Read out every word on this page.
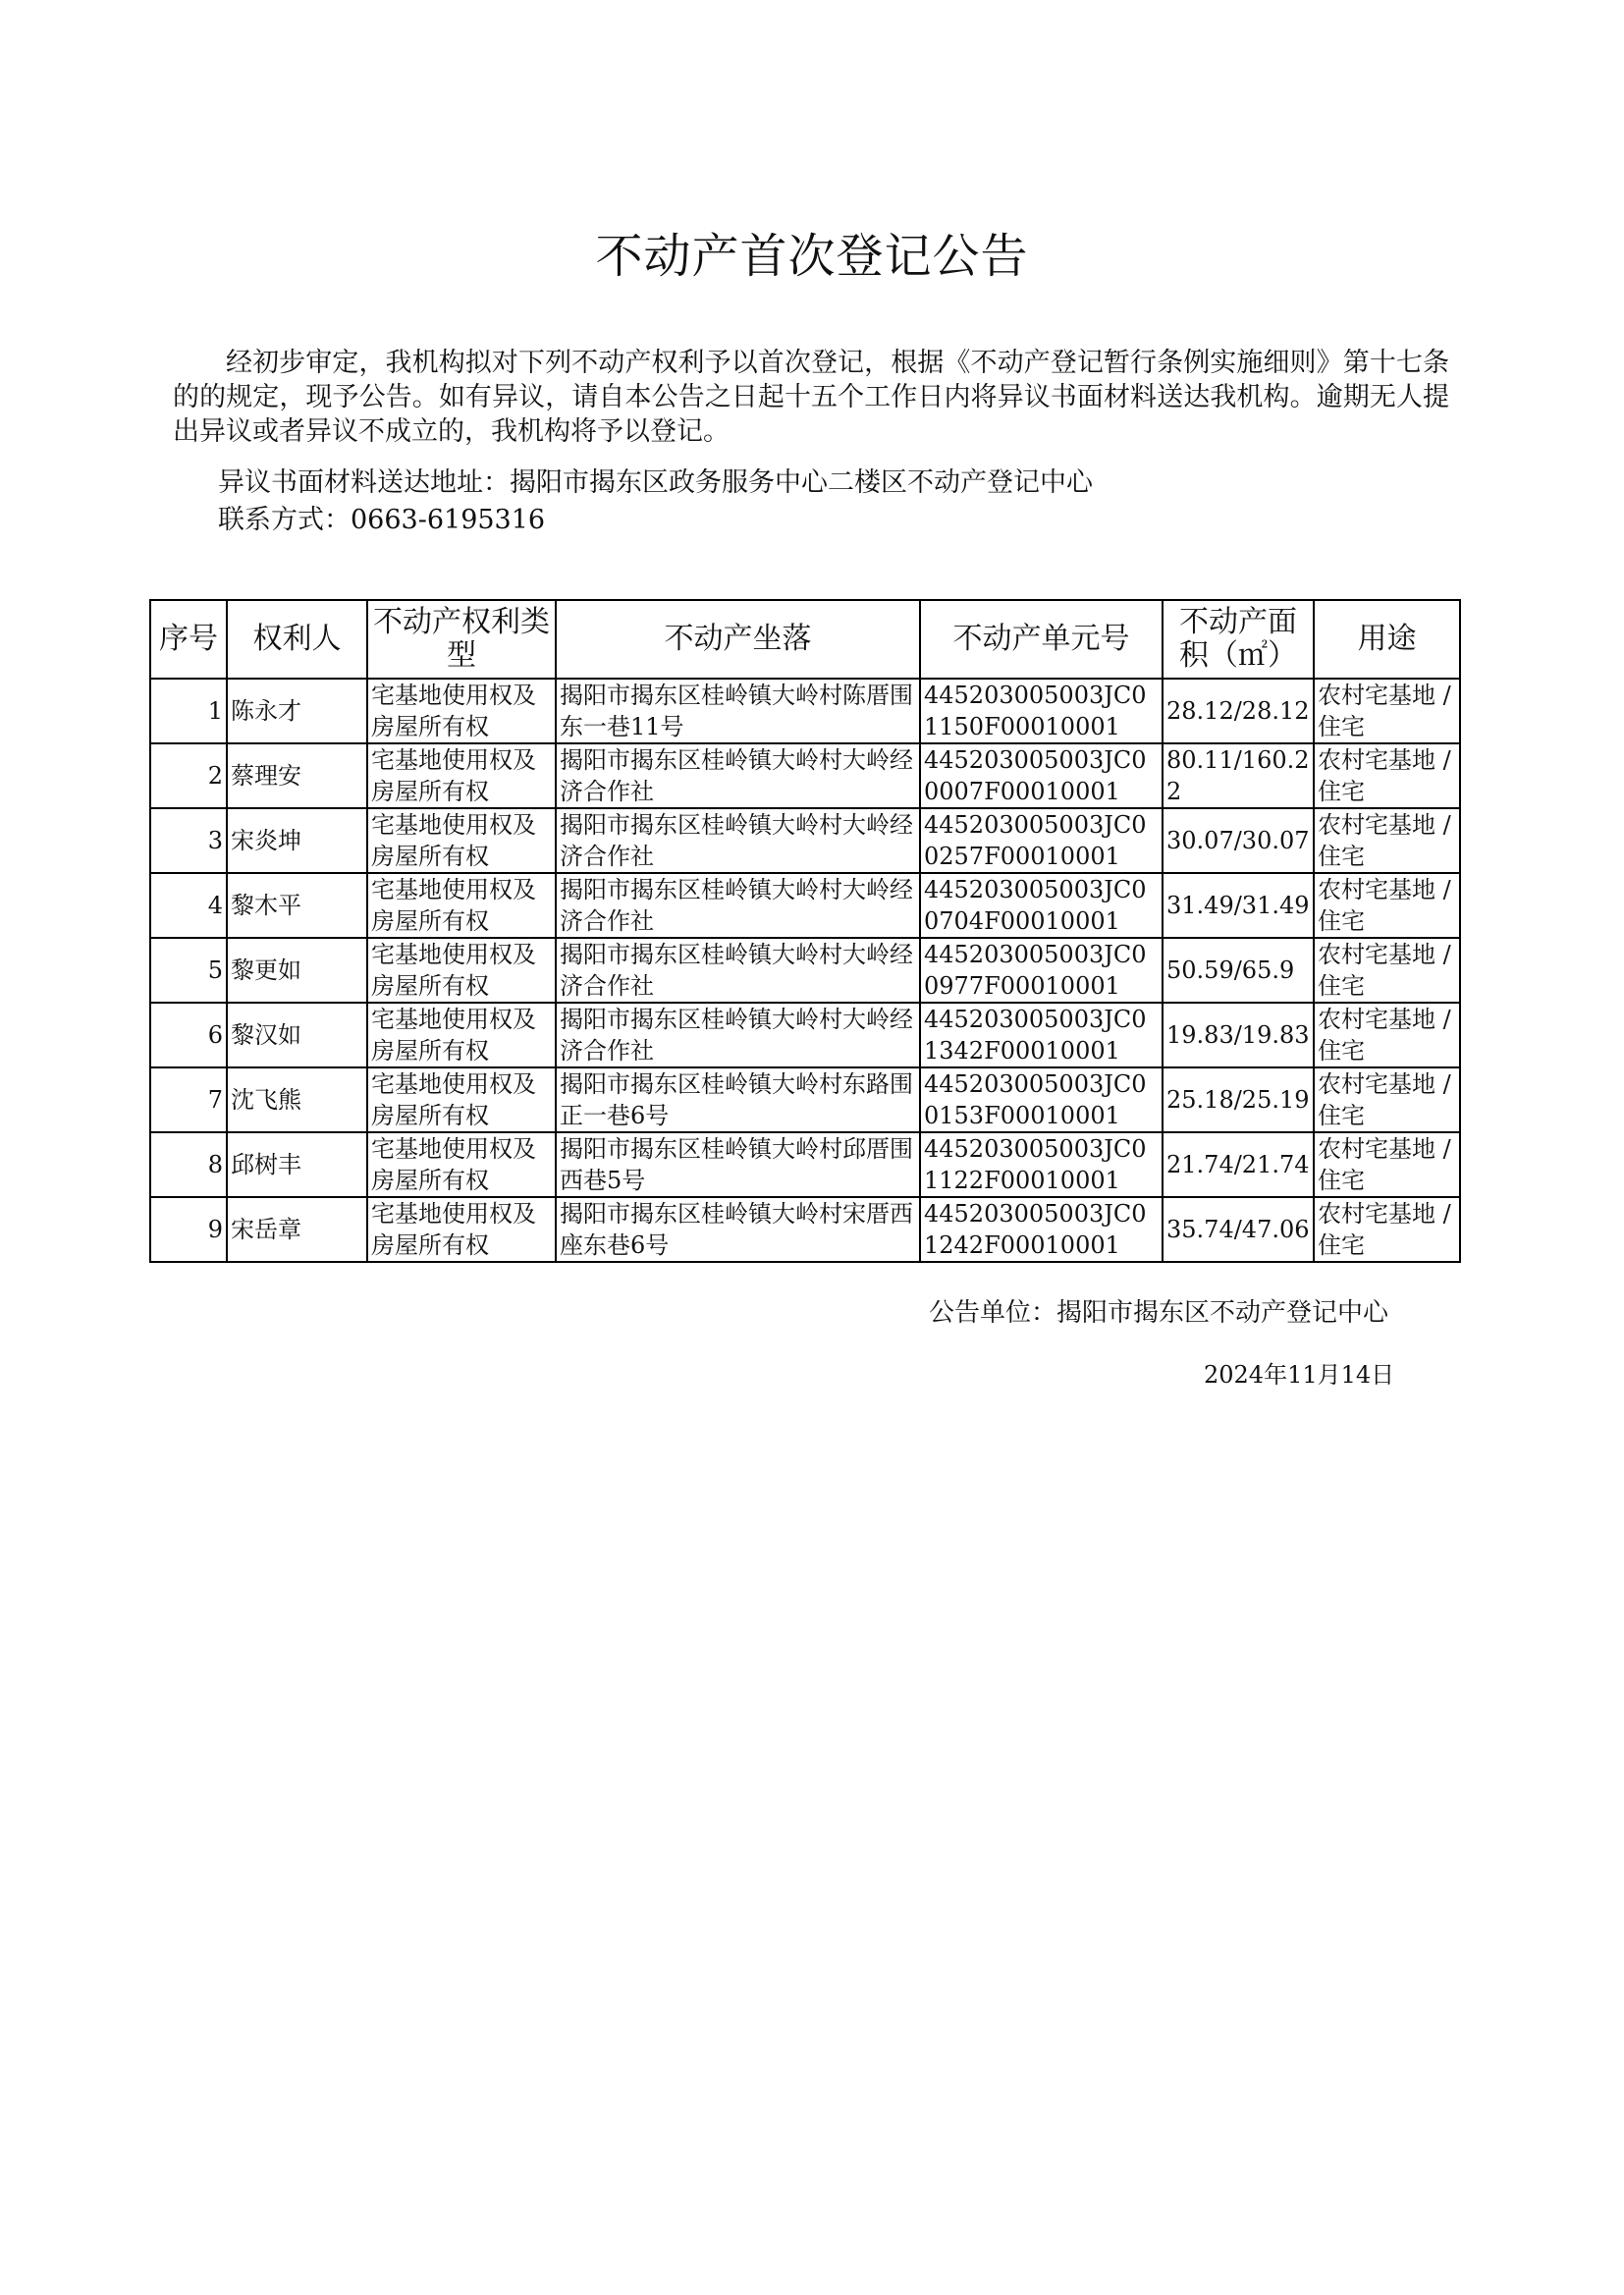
不动产首次登记公告

经初步审定，我机构拟对下列不动产权利予以首次登记，根据《不动产登记暂行条例实施细则》第十七条的的规定，现予公告。如有异议，请自本公告之日起十五个工作日内将异议书面材料送达我机构。逾期无人提出异议或者异议不成立的，我机构将予以登记。

异议书面材料送达地址：揭阳市揭东区政务服务中心二楼区不动产登记中心
联系方式：0663-6195316
序号	权利人	不动产权利类型	不动产坐落	不动产单元号	不动产面积（㎡）	用途
1	陈永才	宅基地使用权及房屋所有权	揭阳市揭东区桂岭镇大岭村陈厝围东一巷11号	445203005003JC01150F00010001	28.12/28.12	农村宅基地 / 住宅
2	蔡理安	宅基地使用权及房屋所有权	揭阳市揭东区桂岭镇大岭村大岭经济合作社	445203005003JC00007F00010001	80.11/160.22	农村宅基地 / 住宅
3	宋炎坤	宅基地使用权及房屋所有权	揭阳市揭东区桂岭镇大岭村大岭经济合作社	445203005003JC00257F00010001	30.07/30.07	农村宅基地 / 住宅
4	黎木平	宅基地使用权及房屋所有权	揭阳市揭东区桂岭镇大岭村大岭经济合作社	445203005003JC00704F00010001	31.49/31.49	农村宅基地 / 住宅
5	黎更如	宅基地使用权及房屋所有权	揭阳市揭东区桂岭镇大岭村大岭经济合作社	445203005003JC00977F00010001	50.59/65.9	农村宅基地 / 住宅
6	黎汉如	宅基地使用权及房屋所有权	揭阳市揭东区桂岭镇大岭村大岭经济合作社	445203005003JC01342F00010001	19.83/19.83	农村宅基地 / 住宅
7	沈飞熊	宅基地使用权及房屋所有权	揭阳市揭东区桂岭镇大岭村东路围正一巷6号	445203005003JC00153F00010001	25.18/25.19	农村宅基地 / 住宅
8	邱树丰	宅基地使用权及房屋所有权	揭阳市揭东区桂岭镇大岭村邱厝围西巷5号	445203005003JC01122F00010001	21.74/21.74	农村宅基地 / 住宅
9	宋岳章	宅基地使用权及房屋所有权	揭阳市揭东区桂岭镇大岭村宋厝西座东巷6号	445203005003JC01242F00010001	35.74/47.06	农村宅基地 / 住宅
公告单位：揭阳市揭东区不动产登记中心
2024年11月14日
